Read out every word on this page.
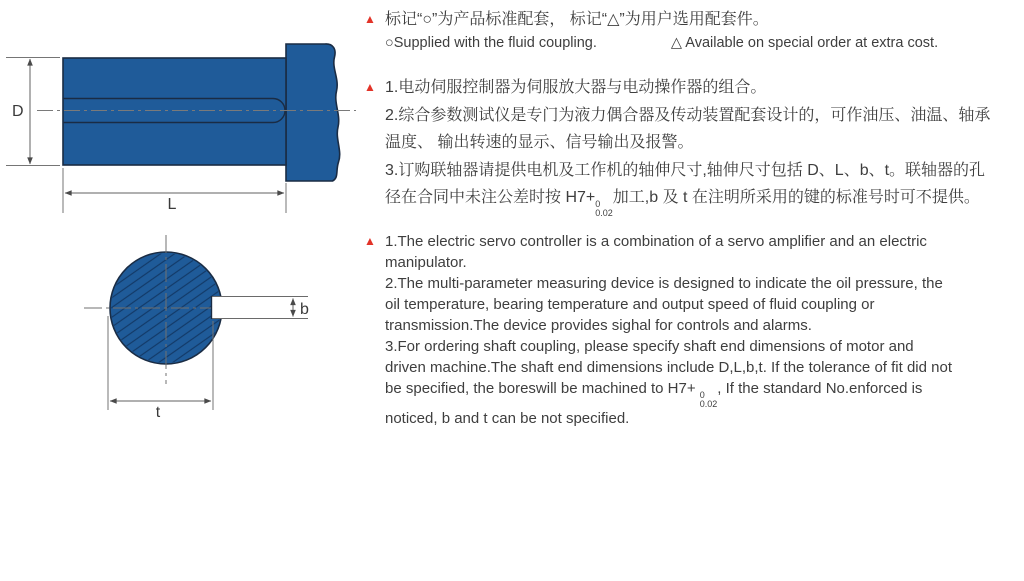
D
L
b
t
▲ 标记“○”为产品标准配套， 标记“△”为用户选用配套件。
○Supplied with the fluid coupling.	△ Available on special order at extra cost.
▲ 1.电动伺服控制器为伺服放大器与电动操作器的组合。
2.综合参数测试仪是专门为液力偶合器及传动装置配套设计的，可作油压、油温、轴承
温度、 输出转速的显示、信号输出及报警。
3.订购联轴器请提供电机及工作机的轴伸尺寸,轴伸尺寸包括 D、L、b、t。联轴器的孔
径在合同中未注公差时按 H7+ 0
0.02
加工,b 及 t 在注明所采用的键的标准号时可不提供。
▲ 1.The electric servo controller is a combination of a servo amplifier and an electric
manipulator.
2.The multi-parameter measuring device is designed to indicate the oil pressure, the
oil temperature, bearing temperature and output speed of fluid coupling or
transmission.The device provides sighal for controls and alarms.
3.For ordering shaft coupling, please specify shaft end dimensions of motor and
driven machine.The shaft end dimensions include D,L,b,t. If the tolerance of fit did not
be specified, the boreswill be machined to H7+ 0
0.02
, If the standard No.enforced is
noticed, b and t can be not specified.
